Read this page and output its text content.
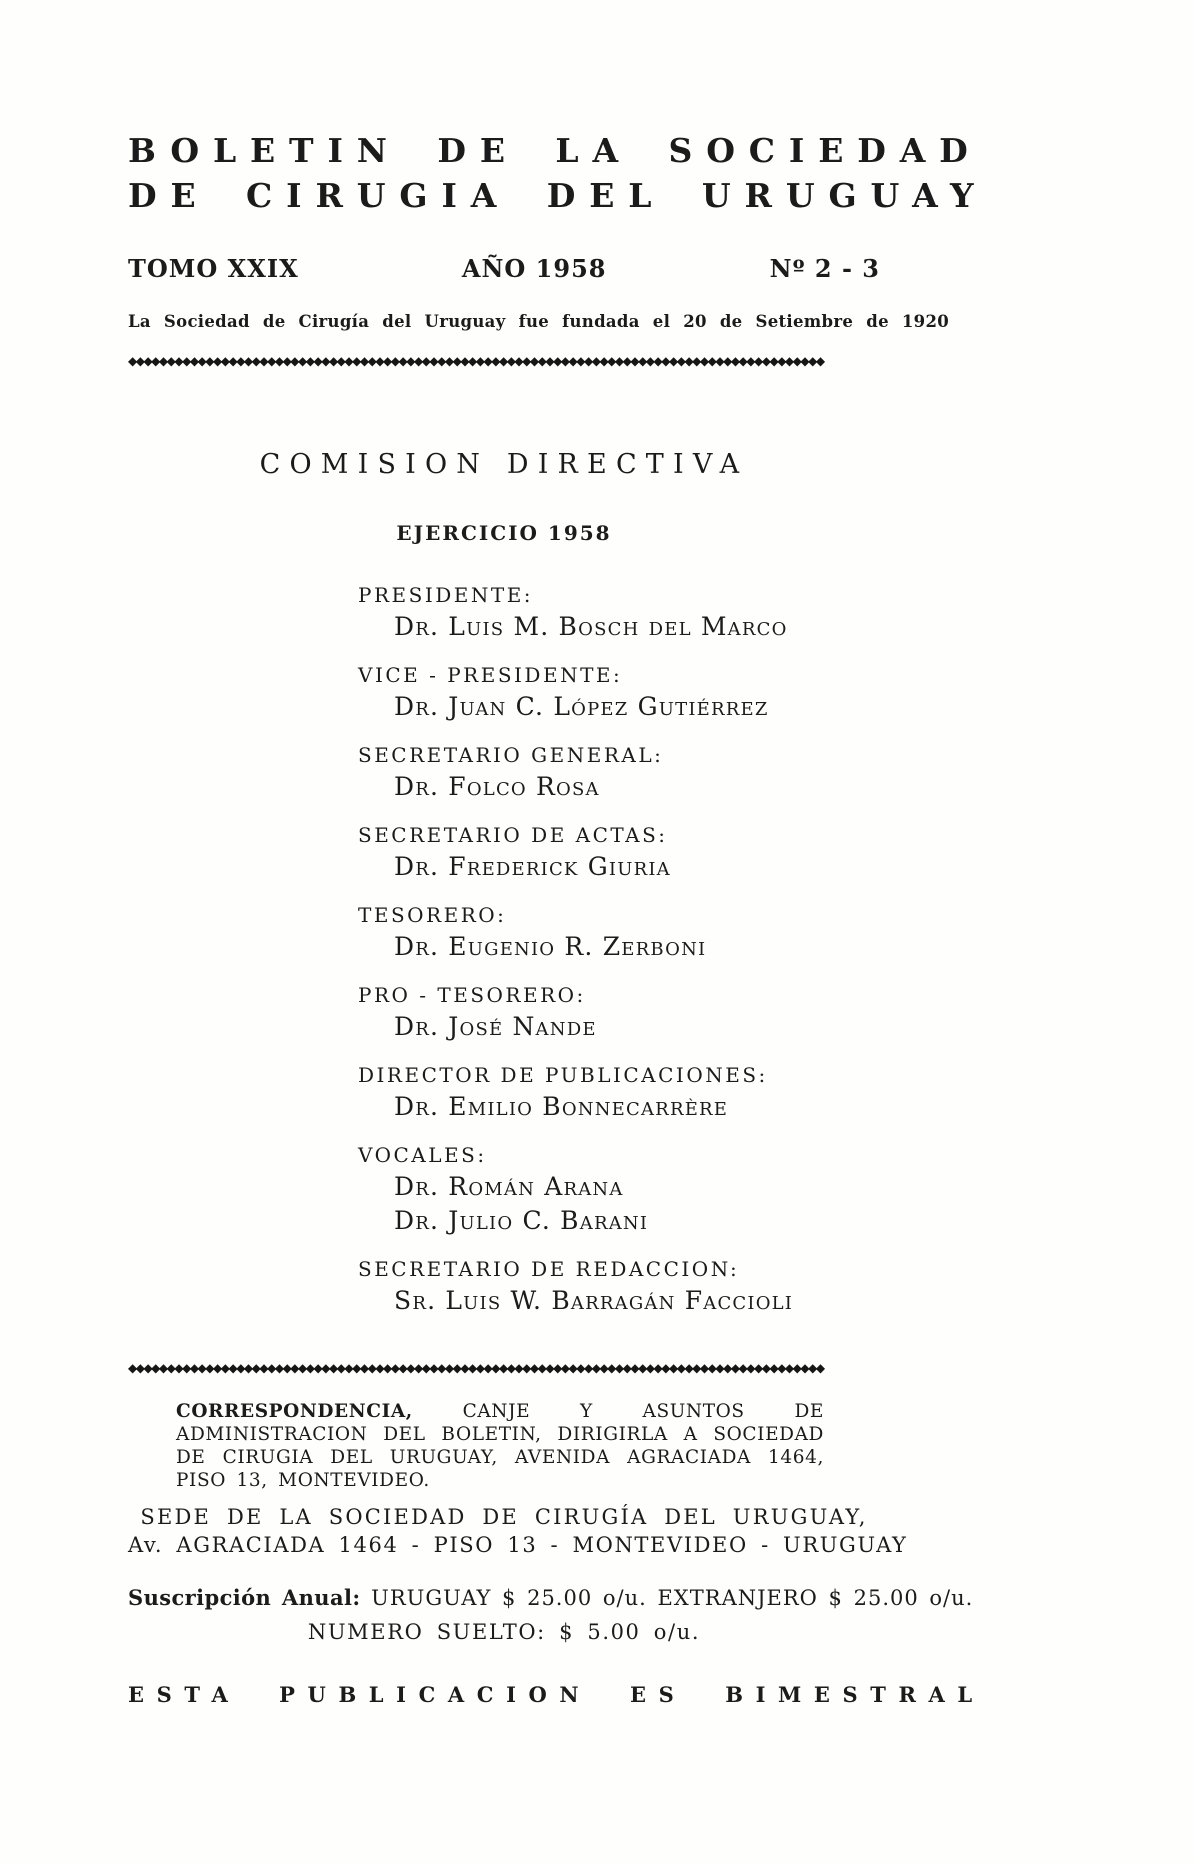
BOLETIN DE LA SOCIEDAD
DE CIRUGIA DEL URUGUAY
TOMO XXIX	AÑO 1958	Nº 2 - 3
La Sociedad de Cirugía del Uruguay fue fundada el 20 de Setiembre de 1920
◆◆◆◆◆◆◆◆◆◆◆◆◆◆◆◆◆◆◆◆◆◆◆◆◆◆◆◆◆◆◆◆◆◆◆◆◆◆◆◆◆◆◆◆◆◆◆◆◆◆◆◆◆◆◆◆◆◆◆◆◆◆◆◆◆◆◆◆◆◆◆◆◆◆◆◆◆◆◆◆◆◆◆◆◆◆◆◆◆◆
COMISION DIRECTIVA
EJERCICIO 1958
PRESIDENTE:
Dr. Luis M. Bosch del Marco
VICE - PRESIDENTE:
Dr. Juan C. López Gutiérrez
SECRETARIO GENERAL:
Dr. Folco Rosa
SECRETARIO DE ACTAS:
Dr. Frederick Giuria
TESORERO:
Dr. Eugenio R. Zerboni
PRO - TESORERO:
Dr. José Nande
DIRECTOR DE PUBLICACIONES:
Dr. Emilio Bonnecarrère
VOCALES:
Dr. Román Arana
Dr. Julio C. Barani
SECRETARIO DE REDACCION:
Sr. Luis W. Barragán Faccioli
◆◆◆◆◆◆◆◆◆◆◆◆◆◆◆◆◆◆◆◆◆◆◆◆◆◆◆◆◆◆◆◆◆◆◆◆◆◆◆◆◆◆◆◆◆◆◆◆◆◆◆◆◆◆◆◆◆◆◆◆◆◆◆◆◆◆◆◆◆◆◆◆◆◆◆◆◆◆◆◆◆◆◆◆◆◆◆◆◆◆
CORRESPONDENCIA, CANJE Y ASUNTOS DE ADMINISTRACION DEL BOLETIN, DIRIGIRLA A SOCIEDAD DE CIRUGIA DEL URUGUAY, AVENIDA AGRACIADA 1464, PISO 13, MONTEVIDEO.
SEDE DE LA SOCIEDAD DE CIRUGÍA DEL URUGUAY,
Av. AGRACIADA 1464 - PISO 13 - MONTEVIDEO - URUGUAY
Suscripción Anual: URUGUAY $ 25.00 o/u. EXTRANJERO $ 25.00 o/u.
NUMERO SUELTO: $ 5.00 o/u.
ESTA PUBLICACION ES BIMESTRAL
